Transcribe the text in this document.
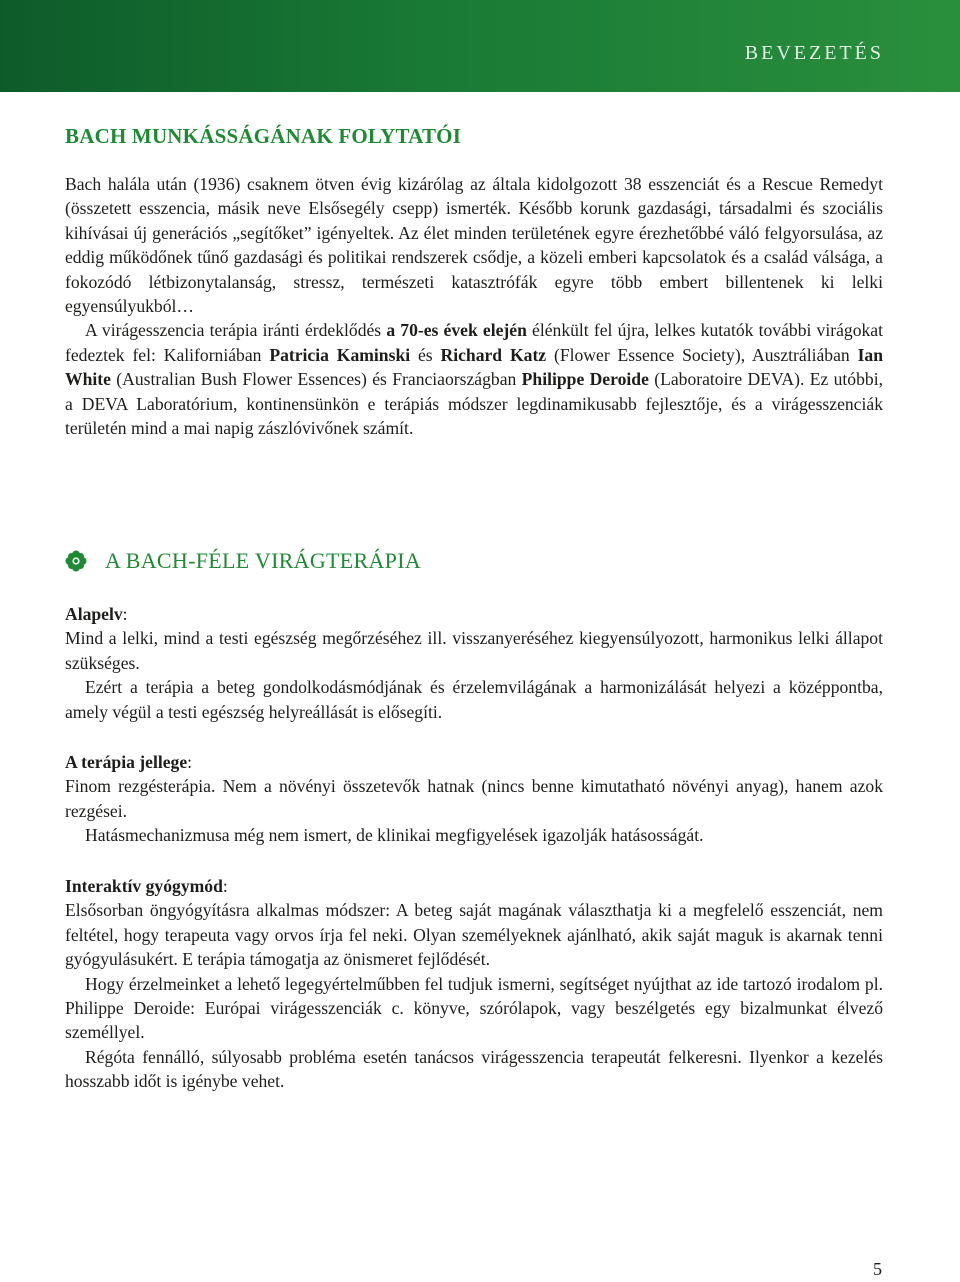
BEVEZETÉS
BACH MUNKÁSSÁGÁNAK FOLYTATÓI

Bach halála után (1936) csaknem ötven évig kizárólag az általa kidolgozott 38 esszenciát és a Rescue Remedyt (összetett esszencia, másik neve Elsősegély csepp) ismerték. Később korunk gazdasági, társadalmi és szociális kihívásai új generációs „segítőket” igényeltek. Az élet minden területének egyre érezhetőbbé váló felgyorsulása, az eddig működőnek tűnő gazdasági és politikai rendszerek csődje, a közeli emberi kapcsolatok és a család válsága, a fokozódó létbizonytalanság, stressz, természeti katasztrófák egyre több embert billentenek ki lelki egyensúlyukból…

A virágesszencia terápia iránti érdeklődés a 70-es évek elején élénkült fel újra, lelkes kutatók további virágokat fedeztek fel: Kaliforniában Patricia Kaminski és Richard Katz (Flower Essence Society), Ausztráliában Ian White (Australian Bush Flower Essences) és Franciaországban Philippe Deroide (Laboratoire DEVA). Ez utóbbi, a DEVA Laboratórium, kontinensünkön e terápiás módszer legdinamikusabb fejlesztője, és a virágesszenciák területén mind a mai napig zászlóvivőnek számít.

A BACH-FÉLE VIRÁGTERÁPIA

Alapelv:

Mind a lelki, mind a testi egészség megőrzéséhez ill. visszanyeréséhez kiegyensúlyozott, harmonikus lelki állapot szükséges.

Ezért a terápia a beteg gondolkodásmódjának és érzelemvilágának a harmonizálását helyezi a középpontba, amely végül a testi egészség helyreállását is elősegíti.

A terápia jellege:

Finom rezgésterápia. Nem a növényi összetevők hatnak (nincs benne kimutatható növényi anyag), hanem azok rezgései.

Hatásmechanizmusa még nem ismert, de klinikai megfigyelések igazolják hatásosságát.

Interaktív gyógymód:

Elsősorban öngyógyításra alkalmas módszer: A beteg saját magának választhatja ki a megfelelő esszenciát, nem feltétel, hogy terapeuta vagy orvos írja fel neki. Olyan személyeknek ajánlható, akik saját maguk is akarnak tenni gyógyulásukért. E terápia támogatja az önismeret fejlődését.

Hogy érzelmeinket a lehető legegyértelműbben fel tudjuk ismerni, segítséget nyújthat az ide tartozó irodalom pl. Philippe Deroide: Európai virágesszenciák c. könyve, szórólapok, vagy beszélgetés egy bizalmunkat élvező személlyel.

Régóta fennálló, súlyosabb probléma esetén tanácsos virágesszencia terapeutát felkeresni. Ilyenkor a kezelés hosszabb időt is igénybe vehet.

5
